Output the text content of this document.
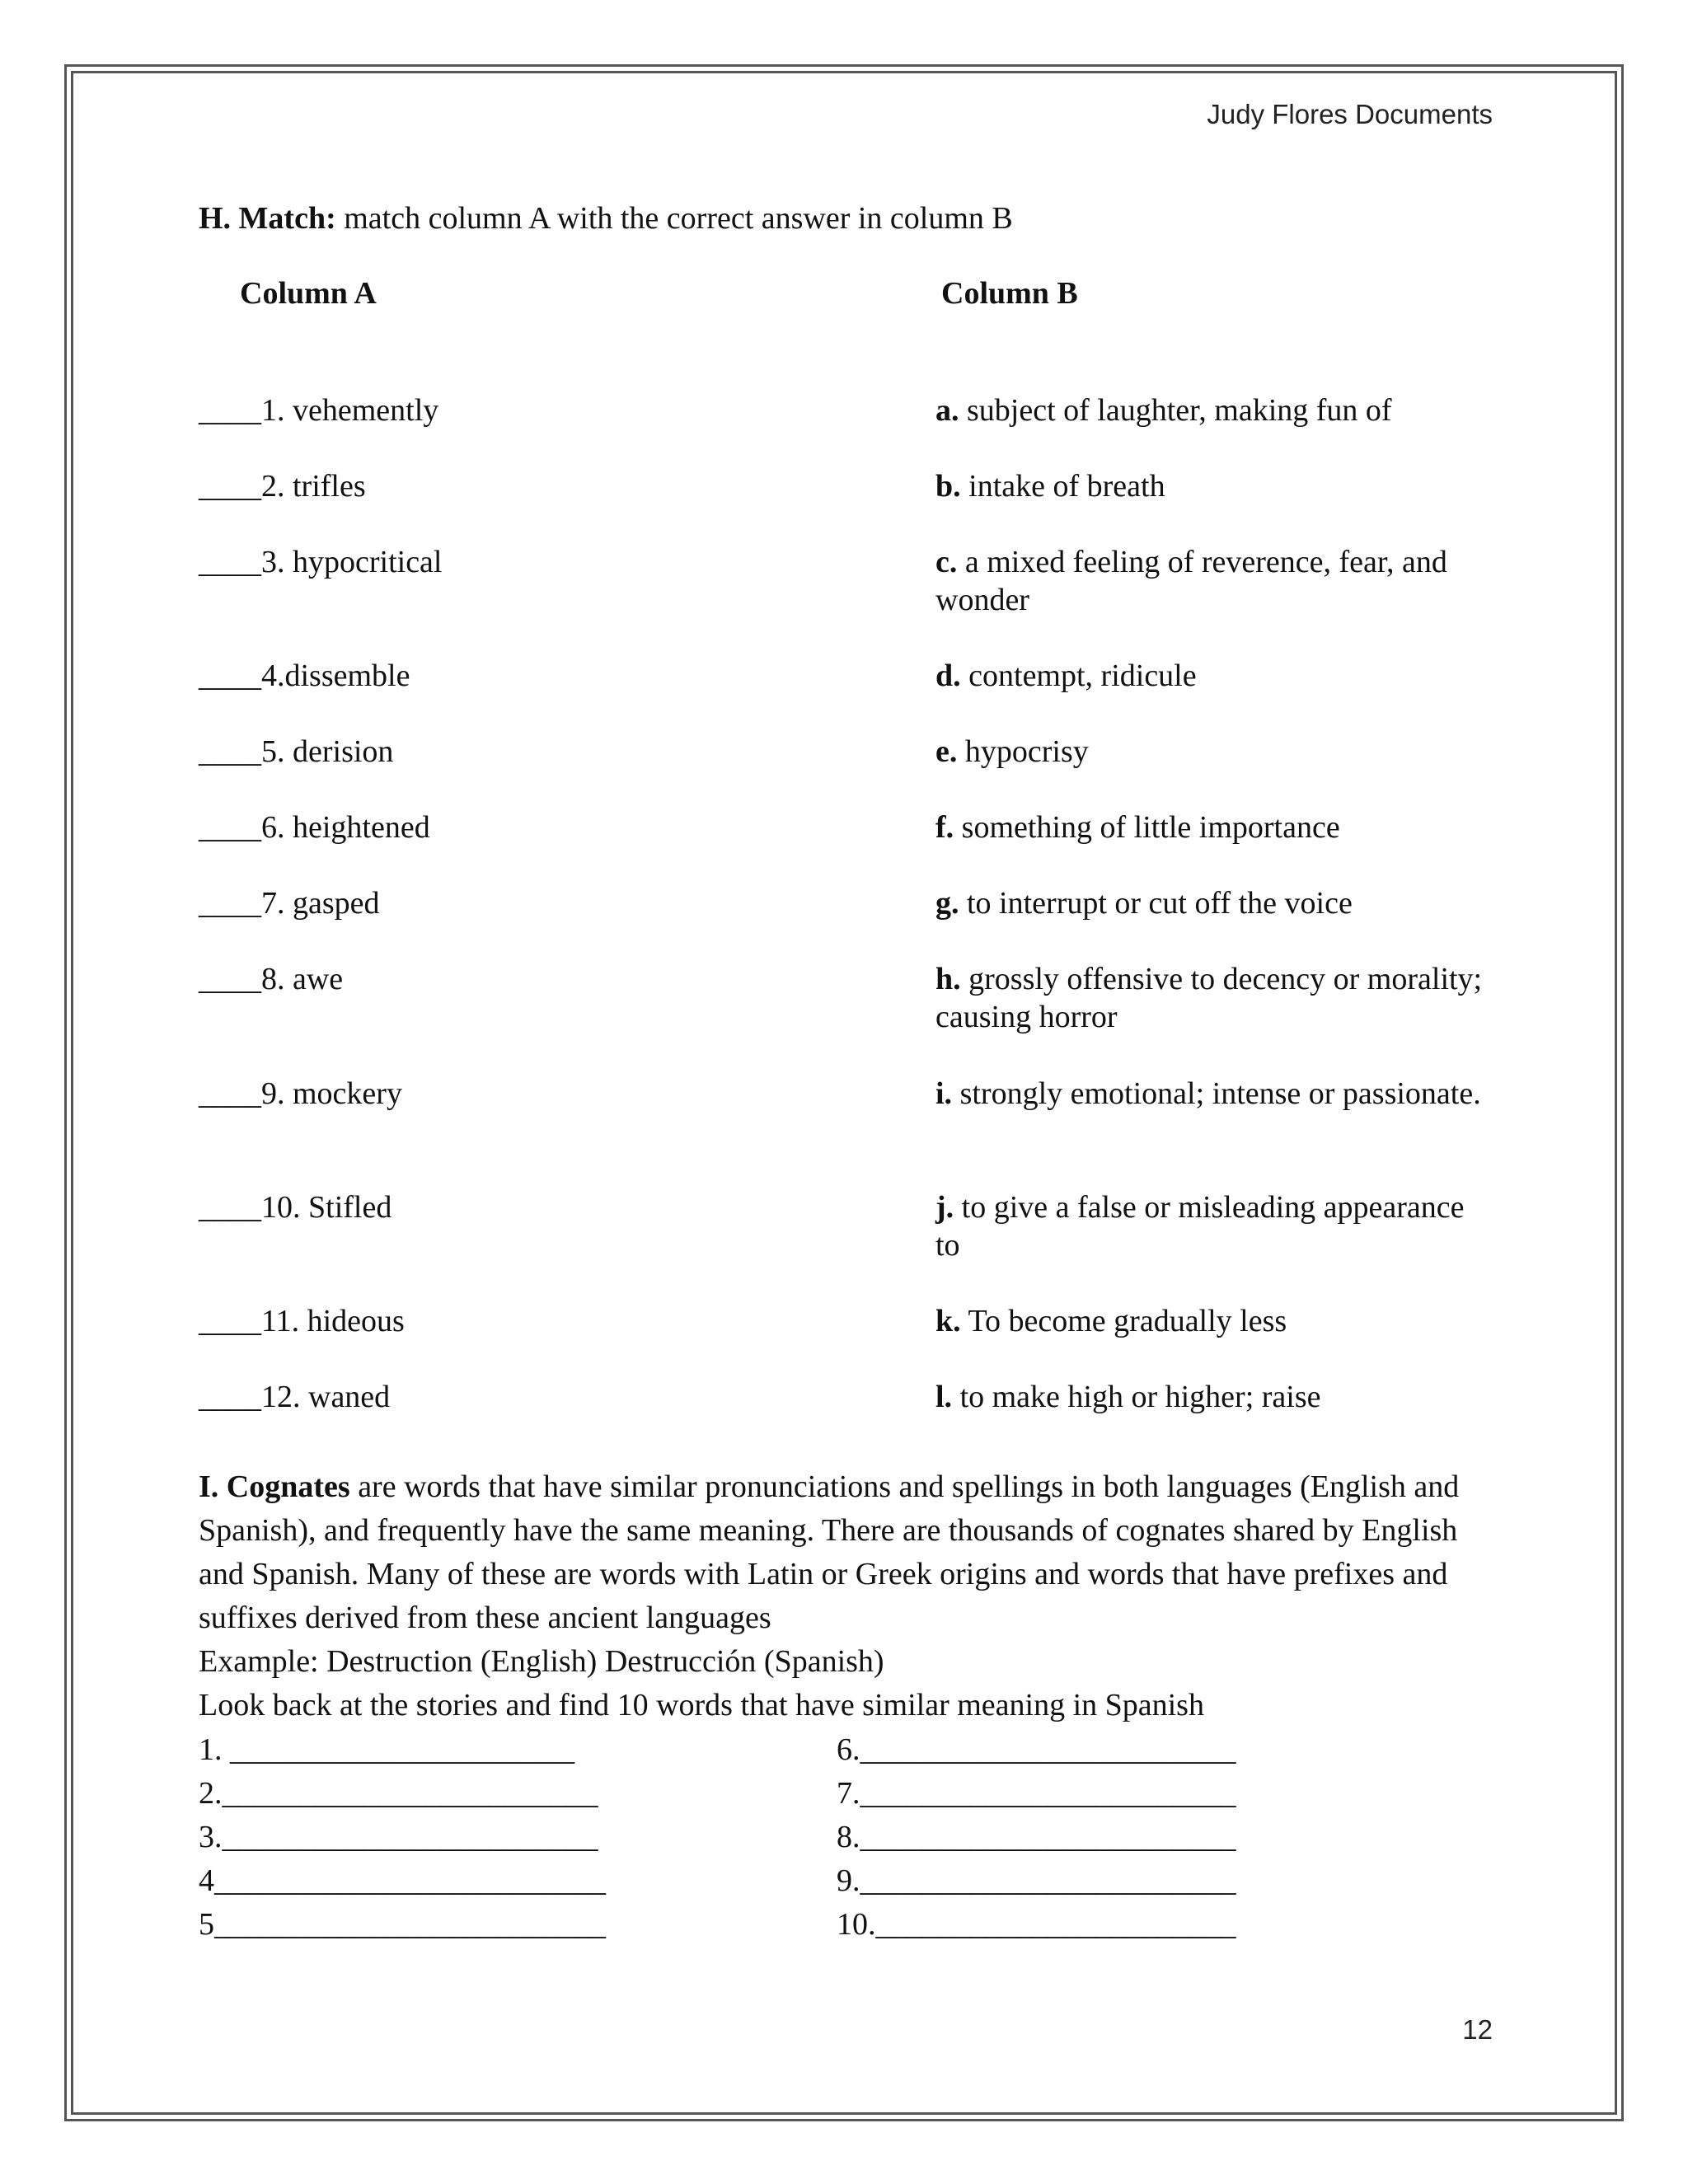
Judy Flores Documents
H. Match: match column A with the correct answer in column B
Column A	Column B
____1. vehemently
____2. trifles
____3. hypocritical
____4.dissemble
____5. derision
____6. heightened
____7. gasped
____8. awe
____9. mockery
____10. Stifled
____11. hideous
____12. waned
a. subject of laughter, making fun of
b. intake of breath
c. a mixed feeling of reverence, fear, and wonder
d. contempt, ridicule
e. hypocrisy
f. something of little importance
g. to interrupt or cut off the voice
h. grossly offensive to decency or morality; causing horror
i. strongly emotional; intense or passionate.
j. to give a false or misleading appearance to
k. To become gradually less
l. to make high or higher; raise

I. Cognates are words that have similar pronunciations and spellings in both languages (English and Spanish), and frequently have the same meaning. There are thousands of cognates shared by English and Spanish. Many of these are words with Latin or Greek origins and words that have prefixes and suffixes derived from these ancient languages

Example: Destruction (English) Destrucción (Spanish)

Look back at the stories and find 10 words that have similar meaning in Spanish

1. ______________________
2.________________________
3.________________________
4_________________________
5_________________________
6.________________________
7.________________________
8.________________________
9.________________________
10._______________________
12
